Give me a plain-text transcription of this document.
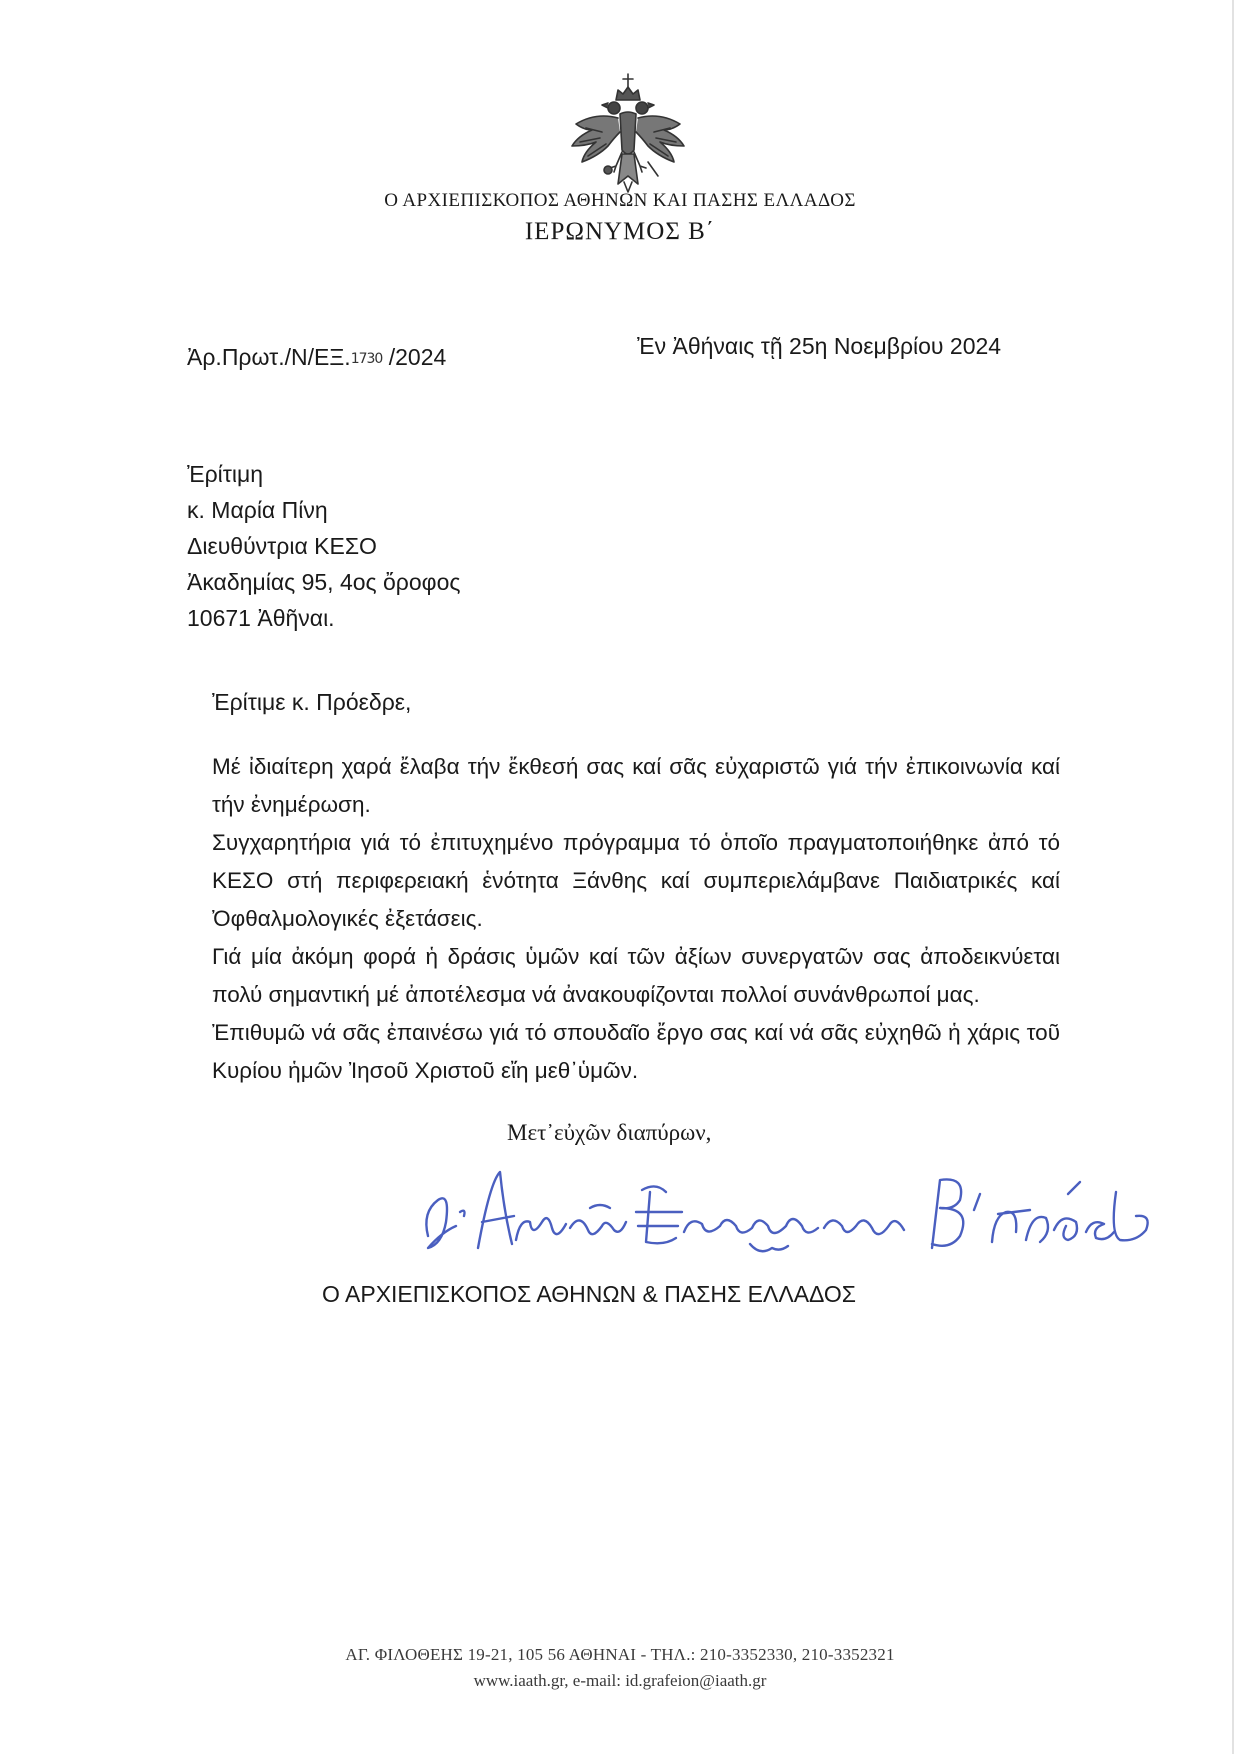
Ο ΑΡΧΙΕΠΙΣΚΟΠΟΣ ΑΘΗΝΩΝ ΚΑΙ ΠΑΣΗΣ ΕΛΛΑΔΟΣ
ΙΕΡΩΝΥΜΟΣ Β΄
Ἀρ.Πρωτ./Ν/ΕΞ.1730 /2024	Ἐν Ἀθήναις τῇ 25η Νοεμβρίου 2024
Ἐρίτιμη
κ. Μαρία Πίνη
Διευθύντρια ΚΕΣΟ
Ἀκαδημίας 95, 4ος ὄροφος
10671 Ἀθῆναι.
Ἐρίτιμε κ. Πρόεδρε,
Μέ ἰδιαίτερη χαρά ἔλαβα τήν ἔκθεσή σας καί σᾶς εὐχαριστῶ γιά τήν ἐπικοινωνία καί τήν ἐνημέρωση.
Συγχαρητήρια γιά τό ἐπιτυχημένο πρόγραμμα τό ὁποῖο πραγματοποιήθηκε ἀπό τό ΚΕΣΟ στή περιφερειακή ἑνότητα Ξάνθης καί συμπεριελάμβανε Παιδιατρικές καί Ὀφθαλμολογικές ἐξετάσεις.
Γιά μία ἀκόμη φορά ἡ δράσις ὑμῶν καί τῶν ἀξίων συνεργατῶν σας ἀποδεικνύεται πολύ σημαντική μέ ἀποτέλεσμα νά ἀνακουφίζονται πολλοί συνάνθρωποί μας.
Ἐπιθυμῶ νά σᾶς ἐπαινέσω γιά τό σπουδαῖο ἔργο σας καί νά σᾶς εὐχηθῶ ἡ χάρις τοῦ Κυρίου ἡμῶν Ἰησοῦ Χριστοῦ εἴη μεθ᾿ὑμῶν.
Μετ᾿εὐχῶν διαπύρων,
Ο ΑΡΧΙΕΠΙΣΚΟΠΟΣ ΑΘΗΝΩΝ & ΠΑΣΗΣ ΕΛΛΑΔΟΣ
ΑΓ. ΦΙΛΟΘΕΗΣ 19-21, 105 56 ΑΘΗΝΑΙ - ΤΗΛ.: 210-3352330, 210-3352321
www.iaath.gr, e-mail: id.grafeion@iaath.gr
